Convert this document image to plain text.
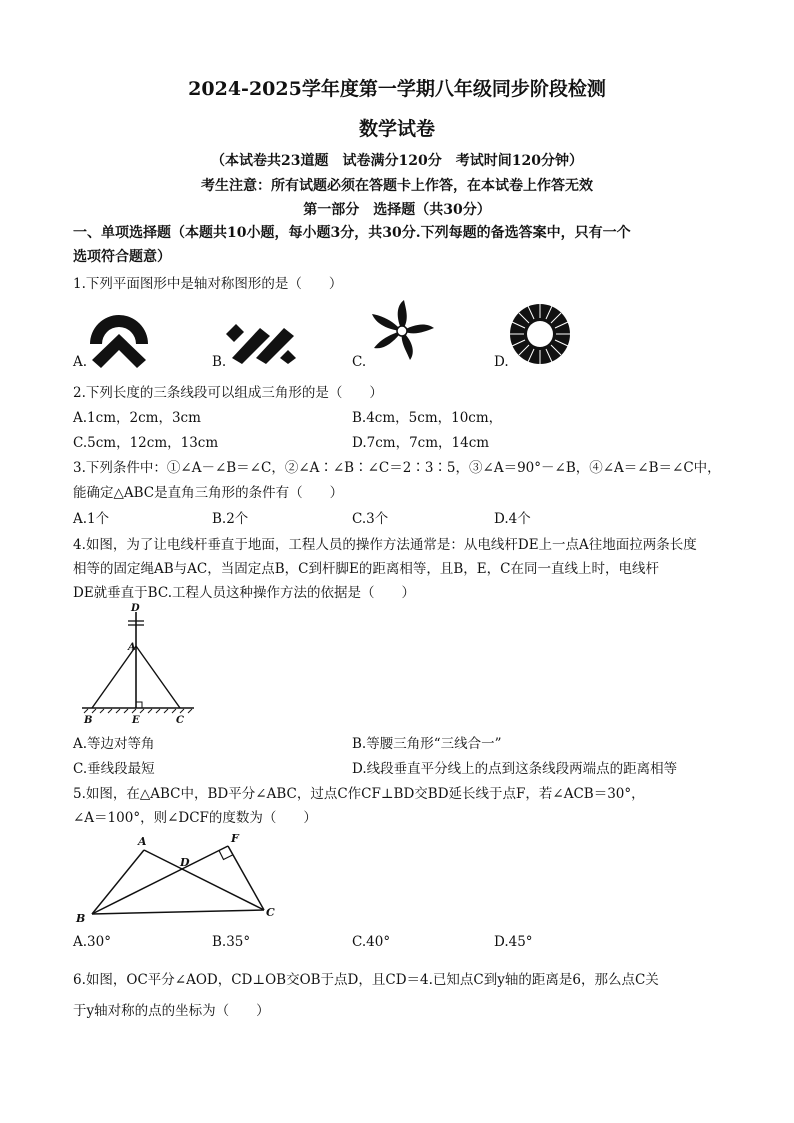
2024-2025学年度第一学期八年级同步阶段检测
数学试卷
（本试卷共23道题　试卷满分120分　考试时间120分钟）
考生注意：所有试题必须在答题卡上作答，在本试卷上作答无效
第一部分　选择题（共30分）
一、单项选择题（本题共10小题，每小题3分，共30分.下列每题的备选答案中，只有一个
选项符合题意）
1.下列平面图形中是轴对称图形的是（　　）
A.	B.	C.	D.
2.下列长度的三条线段可以组成三角形的是（　　）
A.1cm，2cm，3cm	B.4cm，5cm，10cm，
C.5cm，12cm，13cm	D.7cm，7cm，14cm
3.下列条件中：①∠A－∠B＝∠C，②∠A∶∠B∶∠C＝2∶3∶5，③∠A＝90°－∠B，④∠A＝∠B＝∠C中，
能确定△ABC是直角三角形的条件有（　　）
A.1个	B.2个	C.3个	D.4个
4.如图，为了让电线杆垂直于地面，工程人员的操作方法通常是：从电线杆DE上一点A往地面拉两条长度
相等的固定绳AB与AC，当固定点B，C到杆脚E的距离相等，且B，E，C在同一直线上时，电线杆
DE就垂直于BC.工程人员这种操作方法的依据是（　　）
D
A
B	E	C
A.等边对等角	B.等腰三角形“三线合一”
C.垂线段最短	D.线段垂直平分线上的点到这条线段两端点的距离相等
5.如图，在△ABC中，BD平分∠ABC，过点C作CF⊥BD交BD延长线于点F，若∠ACB＝30°，
∠A＝100°，则∠DCF的度数为（　　）
A	F
D
B	C
A.30°	B.35°	C.40°	D.45°
6.如图，OC平分∠AOD，CD⊥OB交OB于点D，且CD＝4.已知点C到y轴的距离是6，那么点C关
于y轴对称的点的坐标为（　　）
